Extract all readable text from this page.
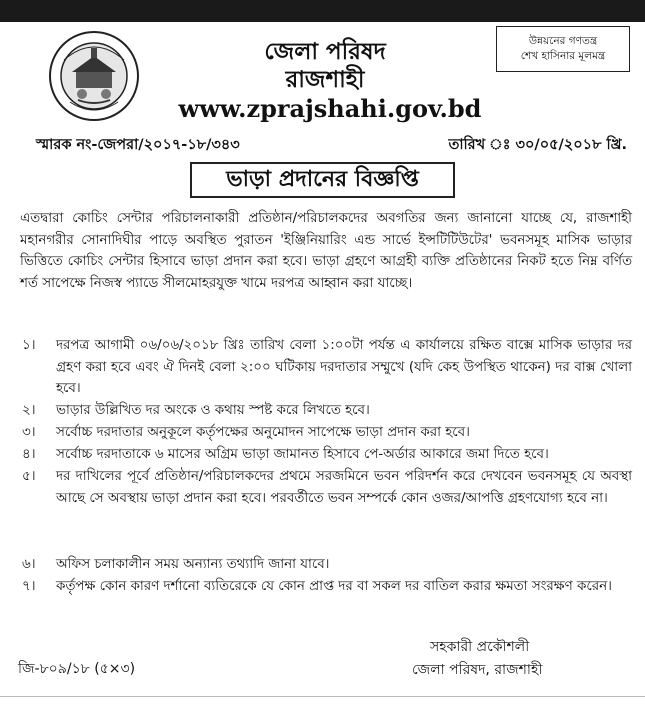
জেলা পরিষদ
রাজশাহী
www.zprajshahi.gov.bd
উন্নয়নের গণতন্ত্র
শেখ হাসিনার মূলমন্ত্র
স্মারক নং-জেপরা/২০১৭-১৮/৩৪৩	তারিখ ঃ ৩০/০৫/২০১৮ খ্রি.
ভাড়া প্রদানের বিজ্ঞপ্তি
এতদ্বারা কোচিং সেন্টার পরিচালনাকারী প্রতিষ্ঠান/পরিচালকদের অবগতির জন্য জানানো যাচ্ছে যে, রাজশাহী মহানগরীর সোনাদিঘীর পাড়ে অবস্থিত পুরাতন 'ইঞ্জিনিয়ারিং এন্ড সার্ভে ইন্সটিটিউটের' ভবনসমূহ মাসিক ভাড়ার ভিত্তিতে কোচিং সেন্টার হিসাবে ভাড়া প্রদান করা হবে। ভাড়া গ্রহণে আগ্রহী ব্যক্তি প্রতিষ্ঠানের নিকট হতে নিম্ন বর্ণিত শর্ত সাপেক্ষে নিজস্ব প্যাডে সীলমোহরযুক্ত খামে দরপত্র আহ্বান করা যাচ্ছে।
১।	দরপত্র আগামী ০৬/০৬/২০১৮ খ্রিঃ তারিখ বেলা ১:০০টা পর্যন্ত এ কার্যালয়ে রক্ষিত বাক্সে মাসিক ভাড়ার দর গ্রহণ করা হবে এবং ঐ দিনই বেলা ২:০০ ঘটিকায় দরদাতার সম্মুখে (যদি কেহ উপস্থিত থাকেন) দর বাক্স খোলা হবে।
২।	ভাড়ার উল্লিখিত দর অংকে ও কথায় স্পষ্ট করে লিখতে হবে।
৩।	সর্বোচ্চ দরদাতার অনুকূলে কর্তৃপক্ষের অনুমোদন সাপেক্ষে ভাড়া প্রদান করা হবে।
৪।	সর্বোচ্চ দরদাতাকে ৬ মাসের অগ্রিম ভাড়া জামানত হিসাবে পে-অর্ডার আকারে জমা দিতে হবে।
৫।	দর দাখিলের পূর্বে প্রতিষ্ঠান/পরিচালকদের প্রথমে সরজমিনে ভবন পরিদর্শন করে দেখবেন ভবনসমূহ যে অবস্থা আছে সে অবস্থায় ভাড়া প্রদান করা হবে। পরবর্তীতে ভবন সম্পর্কে কোন ওজর/আপত্তি গ্রহণযোগ্য হবে না।
৬।	অফিস চলাকালীন সময় অন্যান্য তথ্যাদি জানা যাবে।
৭।	কর্তৃপক্ষ কোন কারণ দর্শানো ব্যতিরেকে যে কোন প্রাপ্ত দর বা সকল দর বাতিল করার ক্ষমতা সংরক্ষণ করেন।
সহকারী প্রকৌশলী
জেলা পরিষদ, রাজশাহী
জি-৮০৯/১৮ (৫×৩)
